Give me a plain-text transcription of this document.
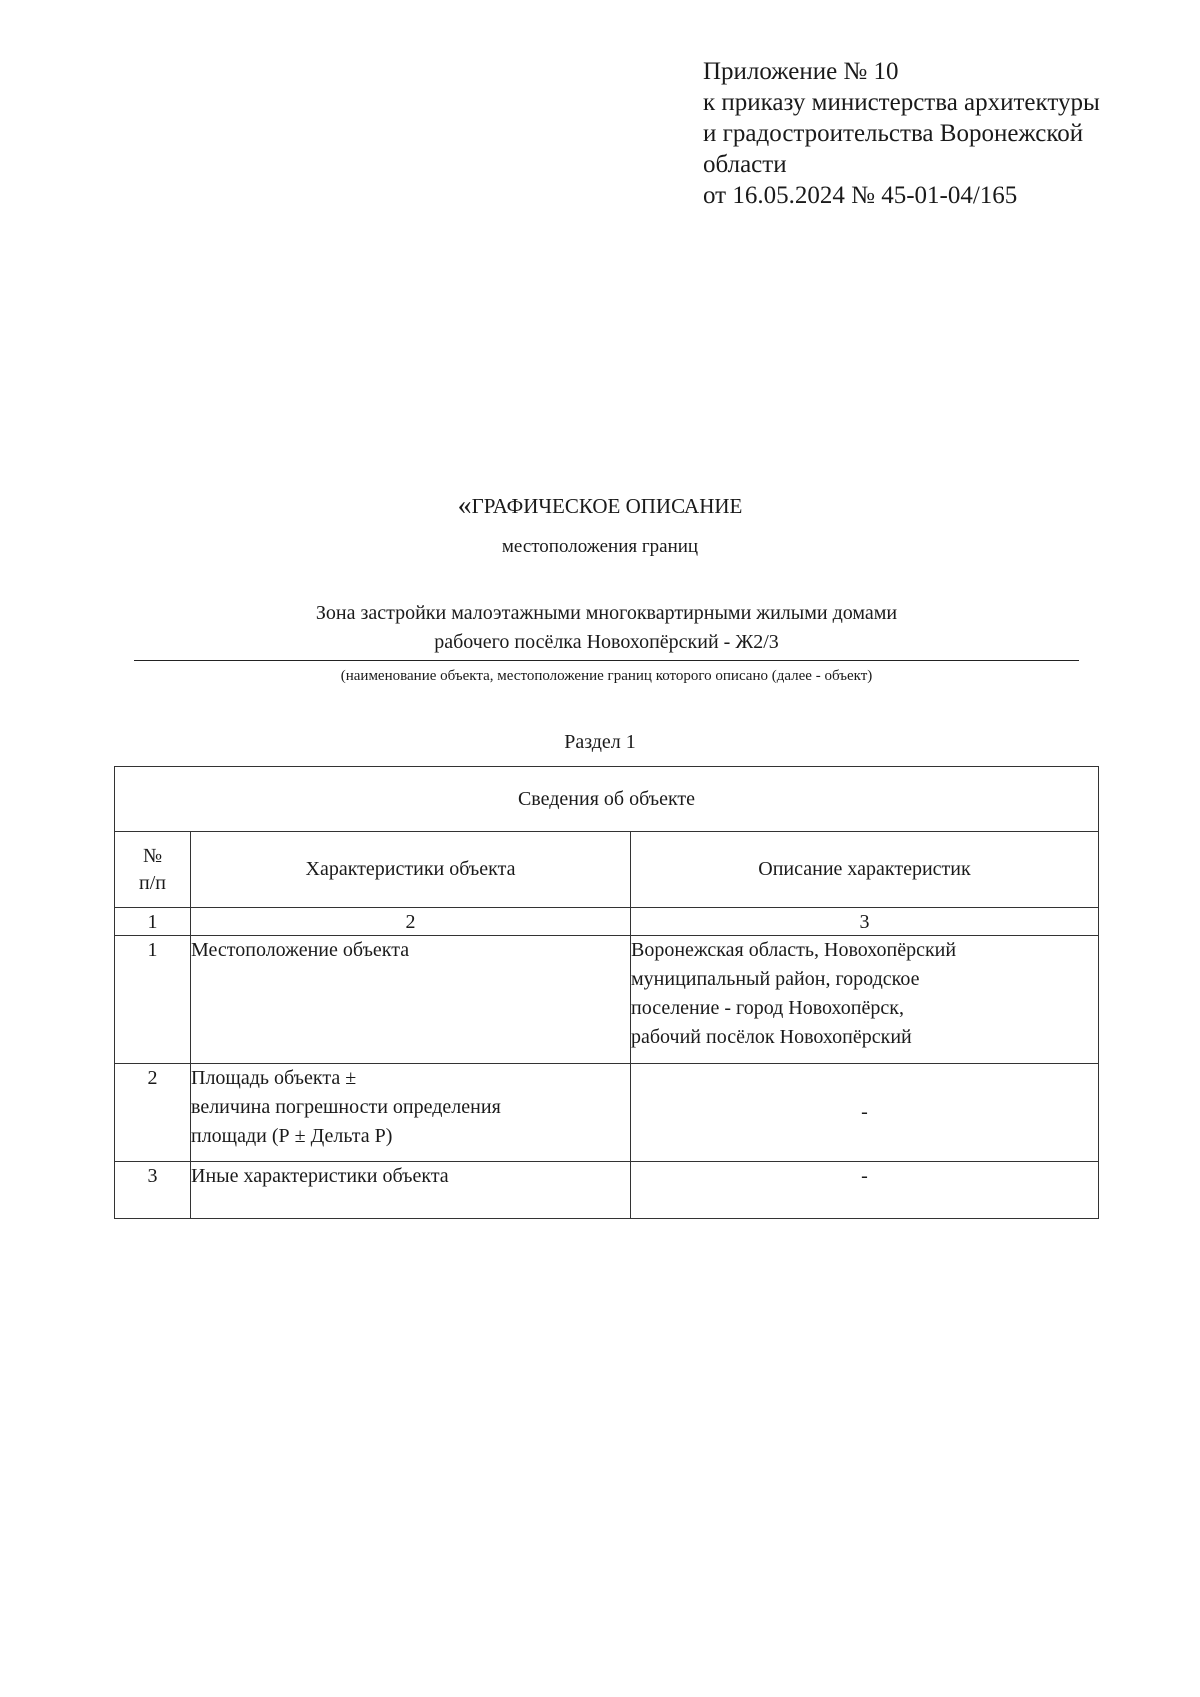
Приложение № 10
к приказу министерства архитектуры
и градостроительства Воронежской
области
от 16.05.2024 № 45-01-04/165
«ГРАФИЧЕСКОЕ ОПИСАНИЕ
местоположения границ
Зона застройки малоэтажными многоквартирными жилыми домами
рабочего посёлка Новохопёрский - Ж2/3
(наименование объекта, местоположение границ которого описано (далее - объект)
Раздел 1
Сведения об объекте		

№
п/п	Характеристики объекта	Описание характеристик
1	2	3
1	Местоположение объекта	Воронежская область, Новохопёрский
муниципальный район, городское
поселение - город Новохопёрск,
рабочий посёлок Новохопёрский

2	Площадь объекта ±
величина погрешности определения
площади (Р ± Дельта Р)	-
3	Иные характеристики объекта	-
